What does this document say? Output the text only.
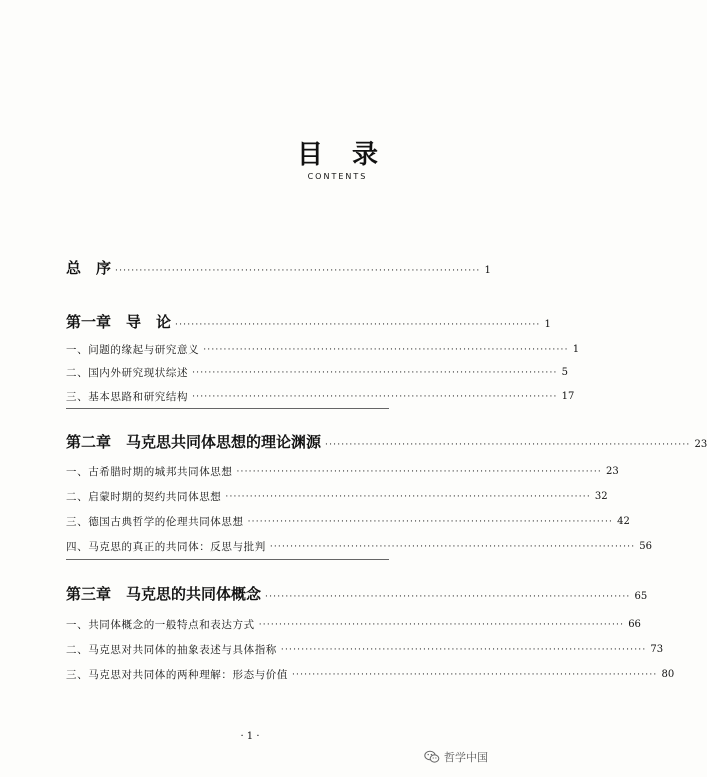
目 录
CONTENTS
总　序 ·························································································· 1
第一章　导　论 ·························································································· 1
一、问题的缘起与研究意义 ·························································································· 1
二、国内外研究现状综述 ·························································································· 5
三、基本思路和研究结构 ·························································································· 17
第二章　马克思共同体思想的理论渊源 ·························································································· 23
一、古希腊时期的城邦共同体思想 ·························································································· 23
二、启蒙时期的契约共同体思想 ·························································································· 32
三、德国古典哲学的伦理共同体思想 ·························································································· 42
四、马克思的真正的共同体：反思与批判 ·························································································· 56
第三章　马克思的共同体概念 ·························································································· 65
一、共同体概念的一般特点和表达方式 ·························································································· 66
二、马克思对共同体的抽象表述与具体指称 ·························································································· 73
三、马克思对共同体的两种理解：形态与价值 ·························································································· 80
· 1 ·
哲学中国
